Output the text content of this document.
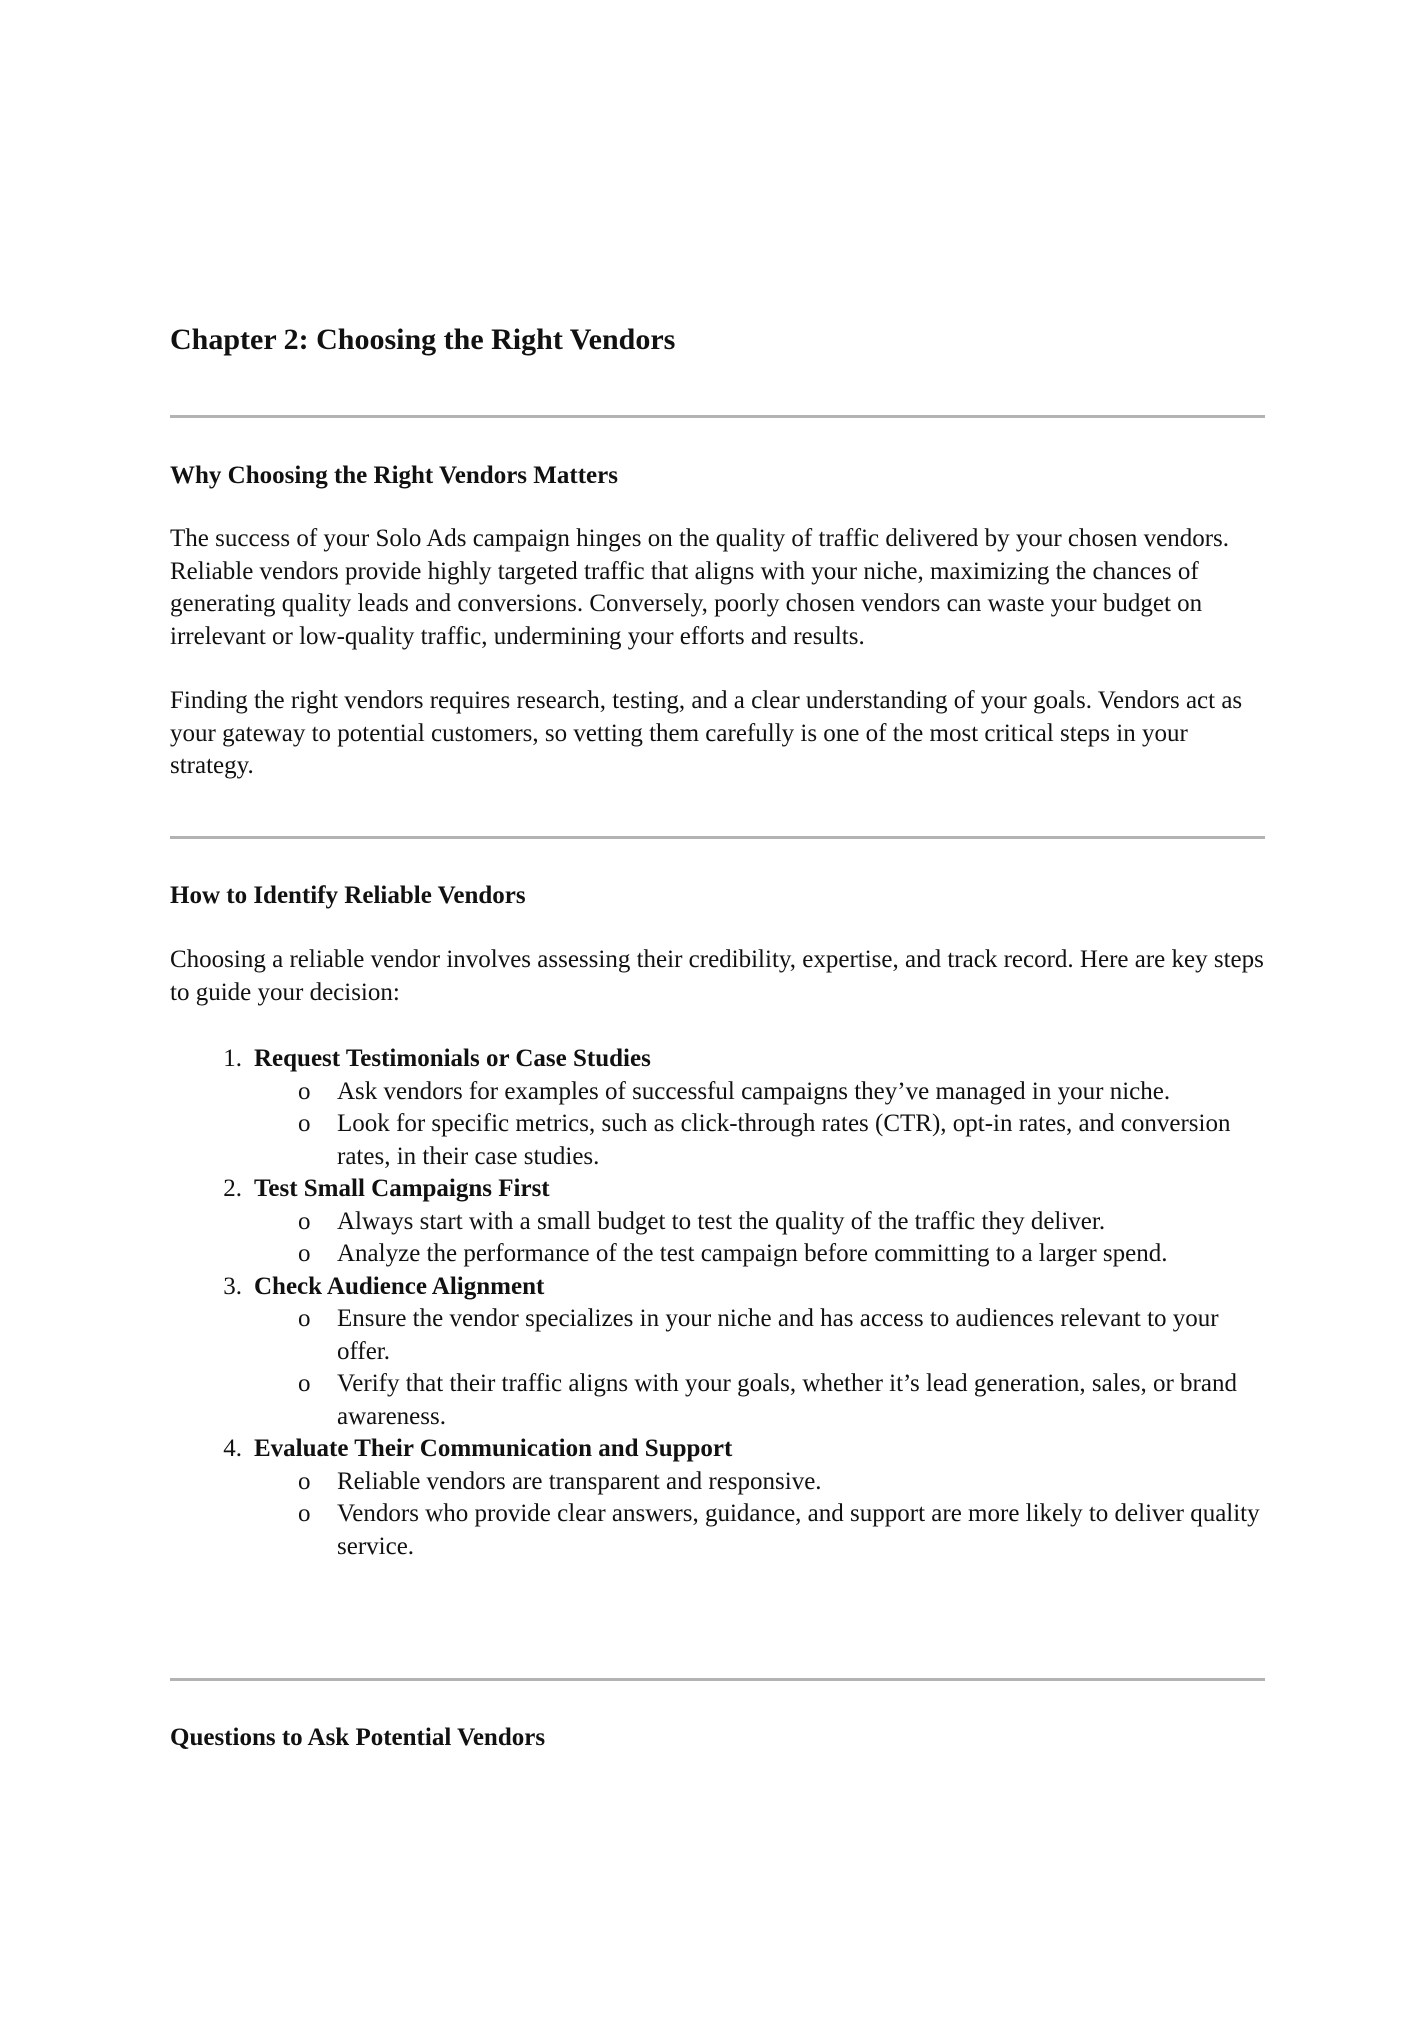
Chapter 2: Choosing the Right Vendors
Why Choosing the Right Vendors Matters

The success of your Solo Ads campaign hinges on the quality of traffic delivered by your chosen vendors. Reliable vendors provide highly targeted traffic that aligns with your niche, maximizing the chances of generating quality leads and conversions. Conversely, poorly chosen vendors can waste your budget on irrelevant or low-quality traffic, undermining your efforts and results.

Finding the right vendors requires research, testing, and a clear understanding of your goals. Vendors act as your gateway to potential customers, so vetting them carefully is one of the most critical steps in your strategy.

How to Identify Reliable Vendors

Choosing a reliable vendor involves assessing their credibility, expertise, and track record. Here are key steps to guide your decision:

1. Request Testimonials or Case Studies
o	Ask vendors for examples of successful campaigns they’ve managed in your niche.
o	Look for specific metrics, such as click-through rates (CTR), opt-in rates, and conversion rates, in their case studies.
2. Test Small Campaigns First
o	Always start with a small budget to test the quality of the traffic they deliver.
o	Analyze the performance of the test campaign before committing to a larger spend.
3. Check Audience Alignment
o	Ensure the vendor specializes in your niche and has access to audiences relevant to your offer.
o	Verify that their traffic aligns with your goals, whether it’s lead generation, sales, or brand awareness.
4. Evaluate Their Communication and Support
o	Reliable vendors are transparent and responsive.
o	Vendors who provide clear answers, guidance, and support are more likely to deliver quality service.
Questions to Ask Potential Vendors
